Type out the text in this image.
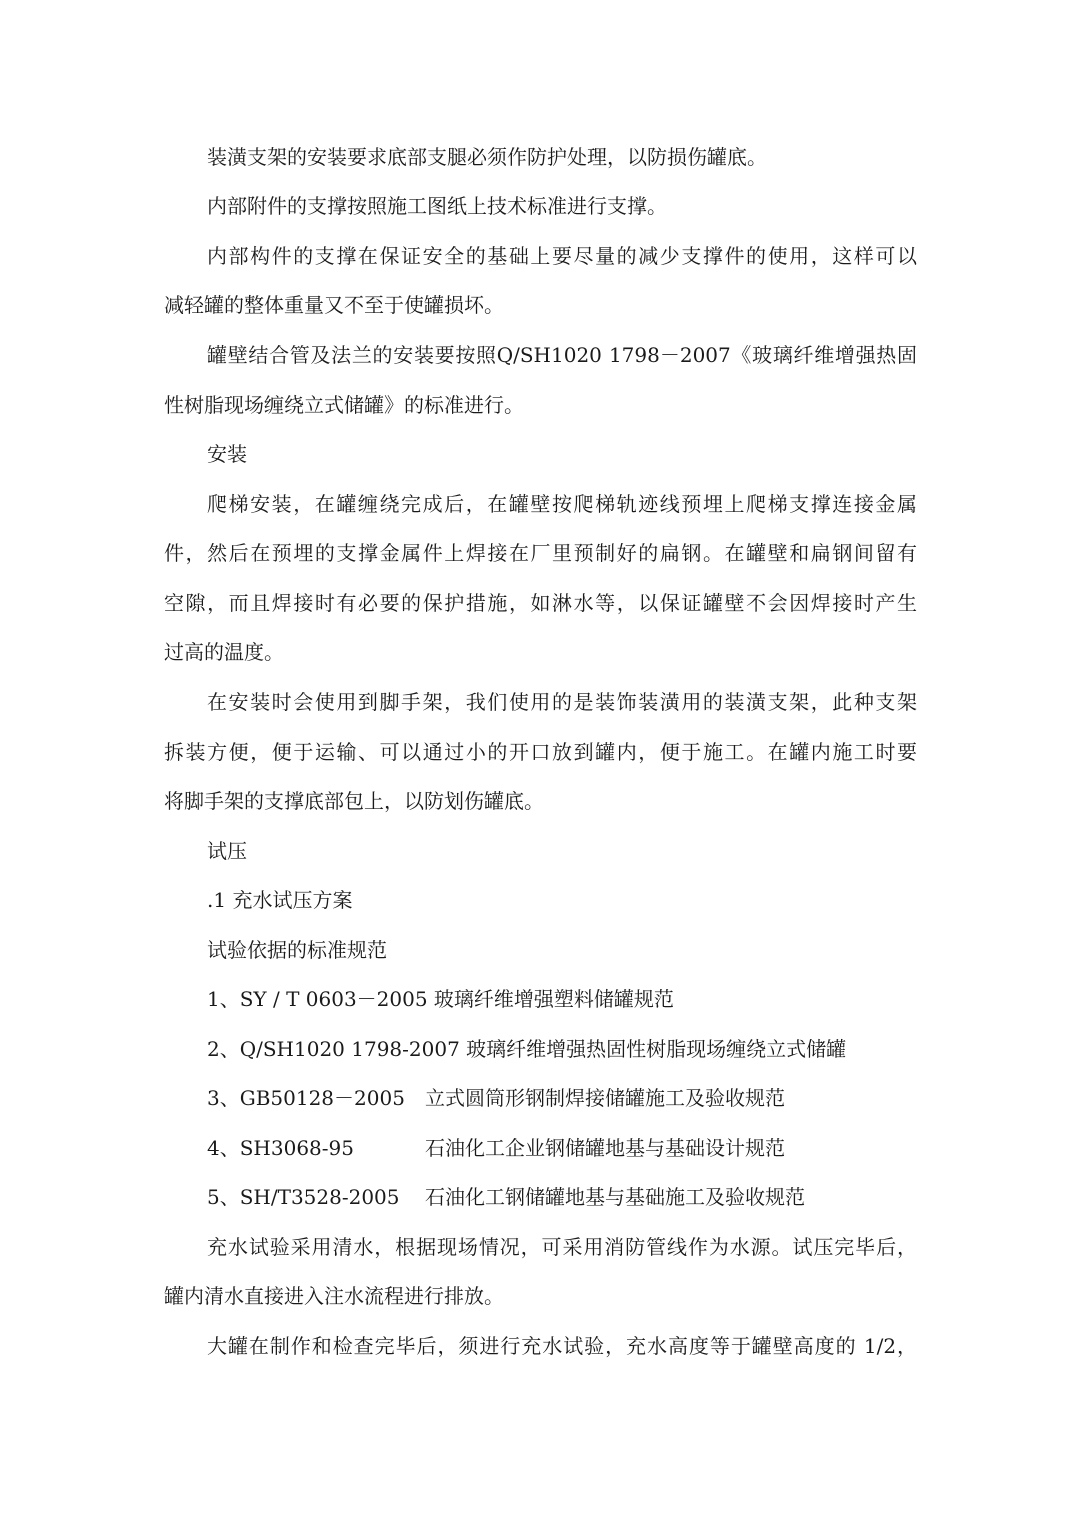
装潢支架的安装要求底部支腿必须作防护处理，以防损伤罐底。
内部附件的支撑按照施工图纸上技术标准进行支撑。
内部构件的支撑在保证安全的基础上要尽量的减少支撑件的使用，这样可以
减轻罐的整体重量又不至于使罐损坏。
罐壁结合管及法兰的安装要按照Q/SH1020 1798－2007《玻璃纤维增强热固
性树脂现场缠绕立式储罐》的标准进行。
安装
爬梯安装，在罐缠绕完成后，在罐壁按爬梯轨迹线预埋上爬梯支撑连接金属
件，然后在预埋的支撑金属件上焊接在厂里预制好的扁钢。在罐壁和扁钢间留有
空隙，而且焊接时有必要的保护措施，如淋水等，以保证罐壁不会因焊接时产生
过高的温度。
在安装时会使用到脚手架，我们使用的是装饰装潢用的装潢支架，此种支架
拆装方便，便于运输、可以通过小的开口放到罐内，便于施工。在罐内施工时要
将脚手架的支撑底部包上，以防划伤罐底。
试压
.1 充水试压方案
试验依据的标准规范
1、SY / T 0603－2005 玻璃纤维增强塑料储罐规范
2、Q/SH1020 1798-2007 玻璃纤维增强热固性树脂现场缠绕立式储罐
3、GB50128－2005	立式圆筒形钢制焊接储罐施工及验收规范
4、SH3068-95	石油化工企业钢储罐地基与基础设计规范
5、SH/T3528-2005	石油化工钢储罐地基与基础施工及验收规范
充水试验采用清水，根据现场情况，可采用消防管线作为水源。试压完毕后，
罐内清水直接进入注水流程进行排放。
大罐在制作和检查完毕后，须进行充水试验，充水高度等于罐壁高度的 1/2，
